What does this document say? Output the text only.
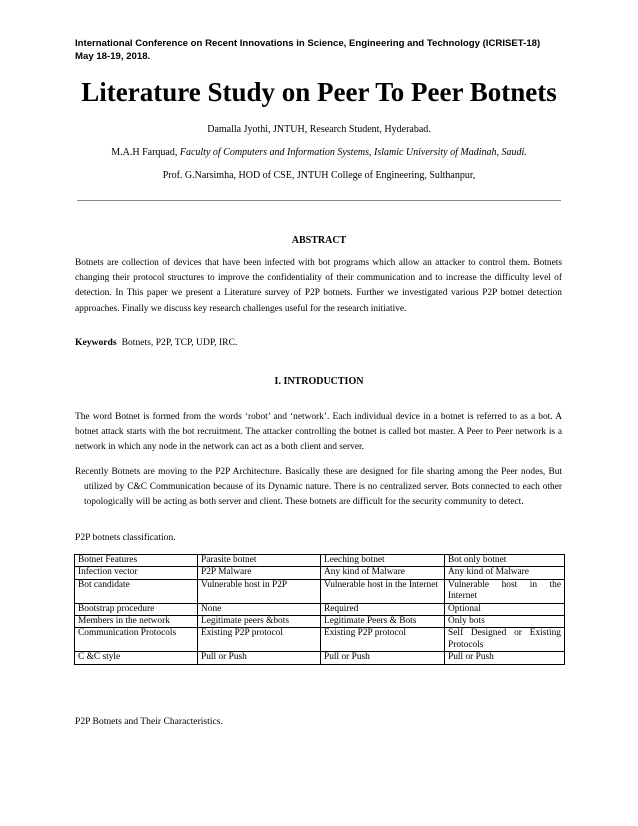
International Conference on Recent Innovations in Science, Engineering and Technology (ICRISET-18)
May 18-19, 2018.
Literature Study on Peer To Peer Botnets
Damalla Jyothi, JNTUH, Research Student, Hyderabad.
M.A.H Farquad, Faculty of Computers and Information Systems, Islamic University of Madinah, Saudi.
Prof. G.Narsimha, HOD of CSE, JNTUH College of Engineering, Sulthanpur,
ABSTRACT
Botnets are collection of devices that have been infected with bot programs which allow an attacker to control them. Botnets changing their protocol structures to improve the confidentiality of their communication and to increase the difficulty level of detection. In This paper we present a Literature survey of P2P botnets. Further we investigated various P2P botnet detection approaches. Finally we discuss key research challenges useful for the research initiative.
Keywords Botnets, P2P, TCP, UDP, IRC.
I. INTRODUCTION
The word Botnet is formed from the words ‘robot’ and ‘network’. Each individual device in a botnet is referred to as a bot. A botnet attack starts with the bot recruitment. The attacker controlling the botnet is called bot master. A Peer to Peer network is a network in which any node in the network can act as a both client and server.
Recently Botnets are moving to the P2P Architecture. Basically these are designed for file sharing among the Peer nodes, But utilized by C&C Communication because of its Dynamic nature. There is no centralized server. Bots connected to each other topologically will be acting as both server and client. These botnets are difficult for the security community to detect.
P2P botnets classification.
Botnet Features	Parasite botnet	Leeching botnet	Bot only botnet
Infection vector	P2P Malware	Any kind of Malware	Any kind of Malware
Bot candidate	Vulnerable host in P2P	Vulnerable host in the Internet	Vulnerable host in the Internet
Bootstrap procedure	None	Required	Optional
Members in the network	Legitimate peers &bots	Legitimate Peers & Bots	Only bots
Communication Protocols	Existing P2P protocol	Existing P2P protocol	Self Designed or Existing Protocols
C &C style	Pull or Push	Pull or Push	Pull or Push
P2P Botnets and Their Characteristics.
